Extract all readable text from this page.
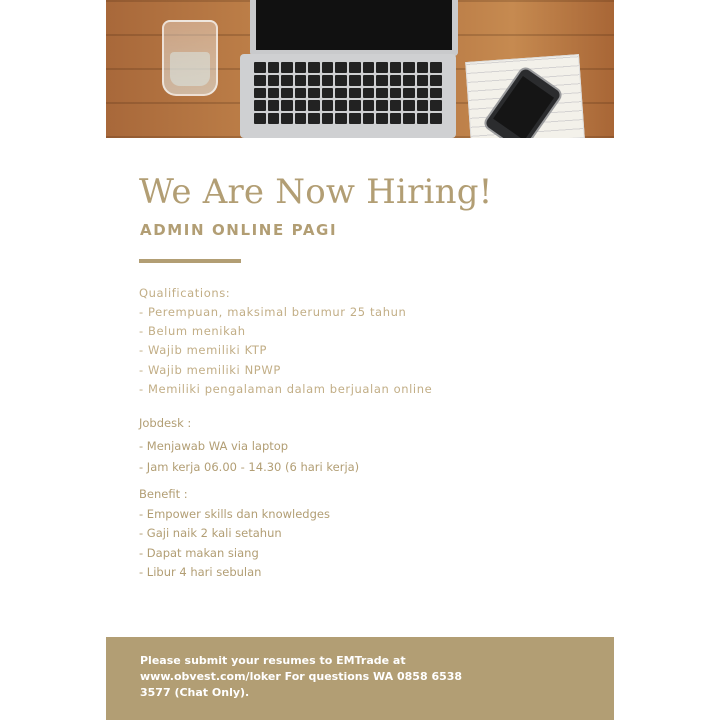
We Are Now Hiring!
ADMIN ONLINE PAGI

Qualifications:

- Perempuan, maksimal berumur 25 tahun

- Belum menikah

- Wajib memiliki KTP

- Wajib memiliki NPWP

- Memiliki pengalaman dalam berjualan online

Jobdesk :

- Menjawab WA via laptop

- Jam kerja 06.00 - 14.30 (6 hari kerja)

Benefit :

- Empower skills dan knowledges

- Gaji naik 2 kali setahun

- Dapat makan siang

- Libur 4 hari sebulan

Please submit your resumes to EMTrade at www.obvest.com/loker For questions WA 0858 6538 3577 (Chat Only).
